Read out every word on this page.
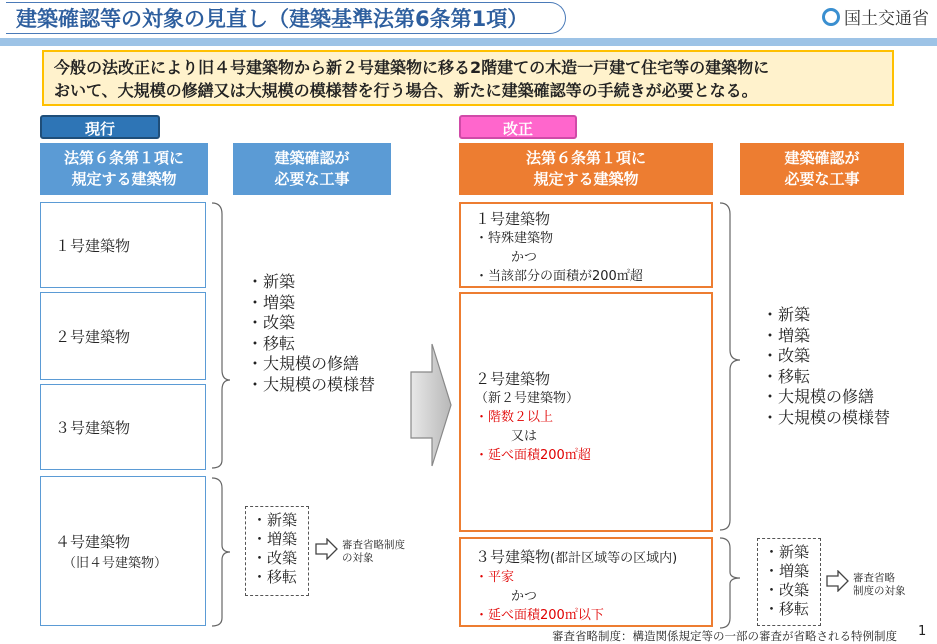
建築確認等の対象の見直し（建築基準法第6条第1項）	国土交通省
今般の法改正により旧４号建築物から新２号建築物に移る2階建ての木造一戸建て住宅等の建築物に
おいて、大規模の修繕又は大規模の模様替を行う場合、新たに建築確認等の手続きが必要となる。
現行
法第６条第１項に
規定する建築物
建築確認が
必要な工事
１号建築物
２号建築物
３号建築物
４号建築物
（旧４号建築物）
・新築
・増築
・改築
・移転
・大規模の修繕
・大規模の模様替
・新築
・増築
・改築
・移転
審査省略制度
の対象
改正
法第６条第１項に
規定する建築物
建築確認が
必要な工事
１号建築物
・特殊建築物
かつ
・当該部分の面積が200㎡超
２号建築物
（新２号建築物）
・階数２以上
又は
・延べ面積200㎡超
３号建築物(都計区域等の区域内)
・平家
かつ
・延べ面積200㎡以下
・新築
・増築
・改築
・移転
・大規模の修繕
・大規模の模様替
・新築
・増築
・改築
・移転
審査省略
制度の対象
審査省略制度：構造関係規定等の一部の審査が省略される特例制度 1
